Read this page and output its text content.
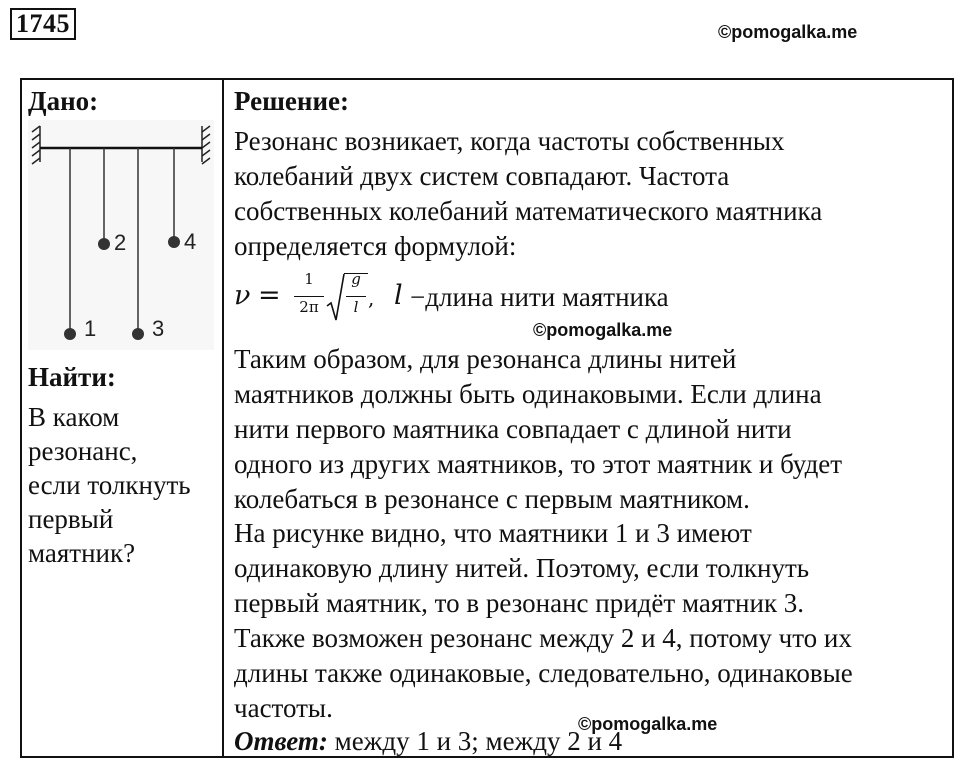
1745	©pomogalka.me
Дано:
1
2
3
4
Найти:
В каком
резонанс,
если толкнуть
первый
маятник?
Решение:
Резонанс возникает, когда частоты собственных
колебаний двух систем совпадают. Частота
собственных колебаний математического маятника
определяется формулой:
ν =
1
2π
g
l , l −длина нити маятника
Таким образом, для резонанса длины нитей
маятников должны быть одинаковыми. Если длина
нити первого маятника совпадает с длиной нити
одного из других маятников, то этот маятник и будет
колебаться в резонансе с первым маятником.
На рисунке видно, что маятники 1 и 3 имеют
одинаковую длину нитей. Поэтому, если толкнуть
первый маятник, то в резонанс придёт маятник 3.
Также возможен резонанс между 2 и 4, потому что их
длины также одинаковые, следовательно, одинаковые
частоты.
Ответ: между 1 и 3; между 2 и 4
©pomogalka.me
©pomogalka.me
